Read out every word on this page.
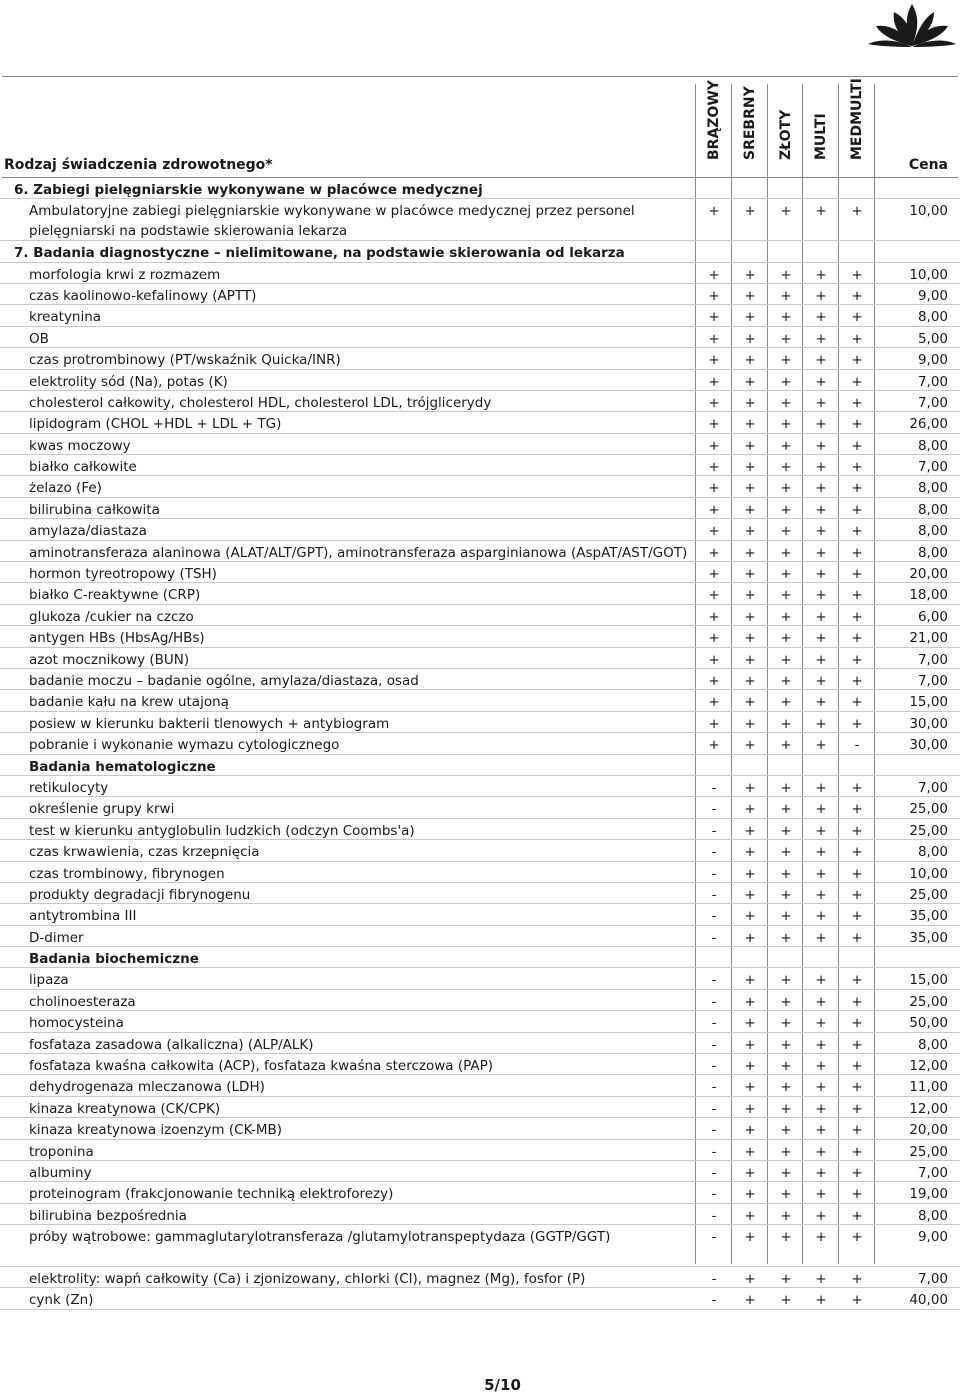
BRĄZOWY SREBRNY ZŁOTY MULTI MEDMULTI
Rodzaj świadczenia zdrowotnego*	Cena
6. Zabiegi pielęgniarskie wykonywane w placówce medycznej
Ambulatoryjne zabiegi pielęgniarskie wykonywane w placówce medycznej przez personel pielęgniarski na podstawie skierowania lekarza
+	+	+	+	+	10,00
7. Badania diagnostyczne – nielimitowane, na podstawie skierowania od lekarza
morfologia krwi z rozmazem	+	+	+	+	+	10,00
czas kaolinowo-kefalinowy (APTT)	+	+	+	+	+	9,00
kreatynina	+	+	+	+	+	8,00
OB	+	+	+	+	+	5,00
czas protrombinowy (PT/wskaźnik Quicka/INR)	+	+	+	+	+	9,00
elektrolity sód (Na), potas (K)	+	+	+	+	+	7,00
cholesterol całkowity, cholesterol HDL, cholesterol LDL, trójglicerydy	+	+	+	+	+	7,00
lipidogram (CHOL +HDL + LDL + TG)	+	+	+	+	+	26,00
kwas moczowy	+	+	+	+	+	8,00
białko całkowite	+	+	+	+	+	7,00
żelazo (Fe)	+	+	+	+	+	8,00
bilirubina całkowita	+	+	+	+	+	8,00
amylaza/diastaza	+	+	+	+	+	8,00
aminotransferaza alaninowa (ALAT/ALT/GPT), aminotransferaza asparginianowa (AspAT/AST/GOT)	+	+	+	+	+	8,00
hormon tyreotropowy (TSH)	+	+	+	+	+	20,00
białko C-reaktywne (CRP)	+	+	+	+	+	18,00
glukoza /cukier na czczo	+	+	+	+	+	6,00
antygen HBs (HbsAg/HBs)	+	+	+	+	+	21,00
azot mocznikowy (BUN)	+	+	+	+	+	7,00
badanie moczu – badanie ogólne, amylaza/diastaza, osad	+	+	+	+	+	7,00
badanie kału na krew utajoną	+	+	+	+	+	15,00
posiew w kierunku bakterii tlenowych + antybiogram	+	+	+	+	+	30,00
pobranie i wykonanie wymazu cytologicznego	+	+	+	+	-	30,00
Badania hematologiczne
retikulocyty	-	+	+	+	+	7,00
określenie grupy krwi	-	+	+	+	+	25,00
test w kierunku antyglobulin ludzkich (odczyn Coombs'a)	-	+	+	+	+	25,00
czas krwawienia, czas krzepnięcia	-	+	+	+	+	8,00
czas trombinowy, fibrynogen	-	+	+	+	+	10,00
produkty degradacji fibrynogenu	-	+	+	+	+	25,00
antytrombina III	-	+	+	+	+	35,00
D-dimer	-	+	+	+	+	35,00
Badania biochemiczne
lipaza	-	+	+	+	+	15,00
cholinoesteraza	-	+	+	+	+	25,00
homocysteina	-	+	+	+	+	50,00
fosfataza zasadowa (alkaliczna) (ALP/ALK)	-	+	+	+	+	8,00
fosfataza kwaśna całkowita (ACP), fosfataza kwaśna sterczowa (PAP)	-	+	+	+	+	12,00
dehydrogenaza mleczanowa (LDH)	-	+	+	+	+	11,00
kinaza kreatynowa (CK/CPK)	-	+	+	+	+	12,00
kinaza kreatynowa izoenzym (CK-MB)	-	+	+	+	+	20,00
troponina	-	+	+	+	+	25,00
albuminy	-	+	+	+	+	7,00
proteinogram (frakcjonowanie techniką elektroforezy)	-	+	+	+	+	19,00
bilirubina bezpośrednia	-	+	+	+	+	8,00
próby wątrobowe: gammaglutarylotransferaza /glutamylotranspeptydaza (GGTP/GGT)	-	+	+	+	+	9,00
elektrolity: wapń całkowity (Ca) i zjonizowany, chlorki (Cl), magnez (Mg), fosfor (P)	-	+	+	+	+	7,00
cynk (Zn)	-	+	+	+	+	40,00
5/10
